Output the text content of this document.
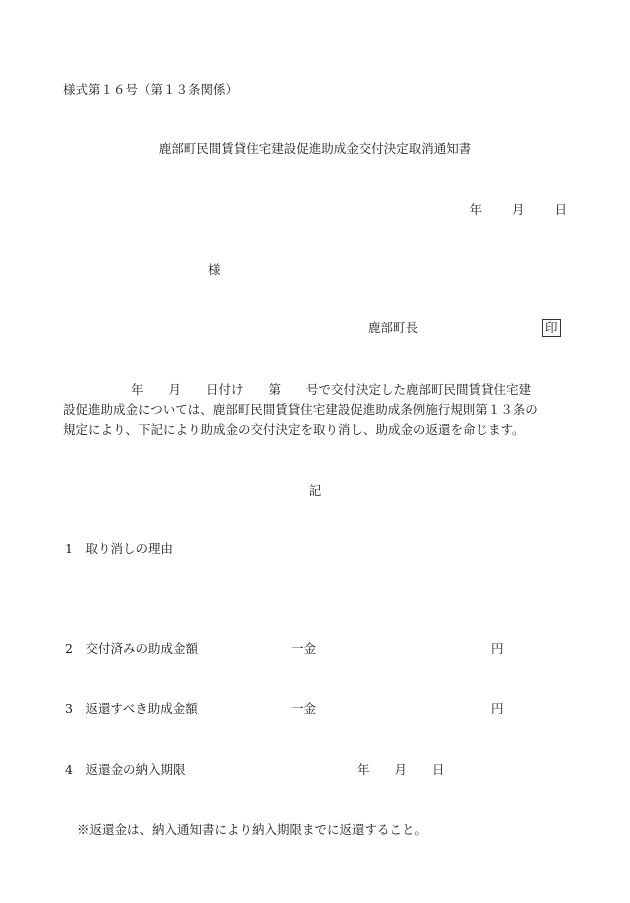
様式第１６号（第１３条関係）
鹿部町民間賃貸住宅建設促進助成金交付決定取消通知書
年 月 日
様
鹿部町長	印
年　　月　　日付け　　第　　号で交付決定した鹿部町民間賃貸住宅建
設促進助成金については、鹿部町民間賃貸住宅建設促進助成条例施行規則第１３条の
規定により、下記により助成金の交付決定を取り消し、助成金の返還を命じます。
記
1　取り消しの理由
2　交付済みの助成金額	一金	円
3　返還すべき助成金額	一金	円
4　返還金の納入期限	年　　月　　日
※返還金は、納入通知書により納入期限までに返還すること。
